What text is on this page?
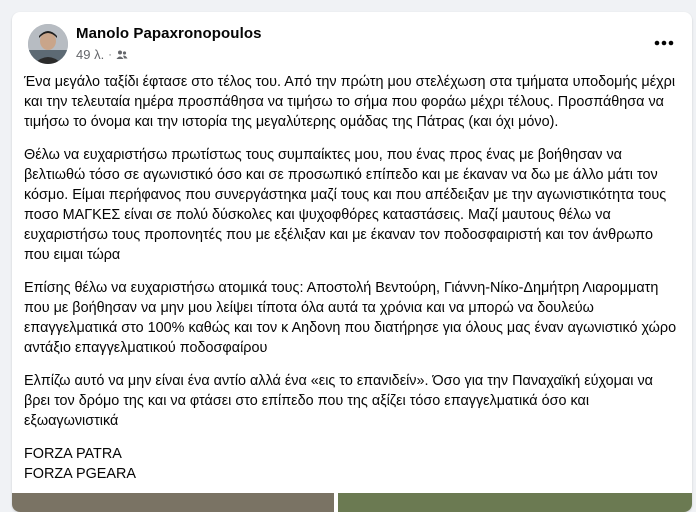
Manolo Papaxronopoulos
49 λ. ·

Ένα μεγάλο ταξίδι έφτασε στο τέλος του. Από την πρώτη μου στελέχωση στα τμήματα υποδομής μέχρι και την τελευταία ημέρα προσπάθησα να τιμήσω το σήμα που φοράω μέχρι τέλους. Προσπάθησα να τιμήσω το όνομα και την ιστορία της μεγαλύτερης ομάδας της Πάτρας (και όχι μόνο).

Θέλω να ευχαριστήσω πρωτίστως τους συμπαίκτες μου, που ένας προς ένας με βοήθησαν να βελτιωθώ τόσο σε αγωνιστικό όσο και σε προσωπικό επίπεδο και με έκαναν να δω με άλλο μάτι τον κόσμο. Είμαι περήφανος που συνεργάστηκα μαζί τους και που απέδειξαν με την αγωνιστικότητα τους ποσο ΜΑΓΚΕΣ είναι σε πολύ δύσκολες και ψυχοφθόρες καταστάσεις. Μαζί μαυτους θέλω να ευχαριστήσω τους προπονητές που με εξέλιξαν και με έκαναν τον ποδοσφαιριστή και τον άνθρωπο που ειμαι τώρα

Επίσης θέλω να ευχαριστήσω ατομικά τους: Αποστολή Βεντούρη, Γιάννη-Νίκο-Δημήτρη Λιαρομματη που με βοήθησαν να μην μου λείψει τίποτα όλα αυτά τα χρόνια και να μπορώ να δουλεύω επαγγελματικά στο 100% καθώς και τον κ Αηδονη που διατήρησε για όλους μας έναν αγωνιστικό χώρο αντάξιο επαγγελματικού ποδοσφαίρου

Ελπίζω αυτό να μην είναι ένα αντίο αλλά ένα «εις το επανιδείν». Όσο για την Παναχαϊκή εύχομαι να βρει τον δρόμο της και να φτάσει στο επίπεδο που της αξίζει τόσο επαγγελματικά όσο και εξωαγωνιστικά

FORZA PATRA
FORZA PGEARA
